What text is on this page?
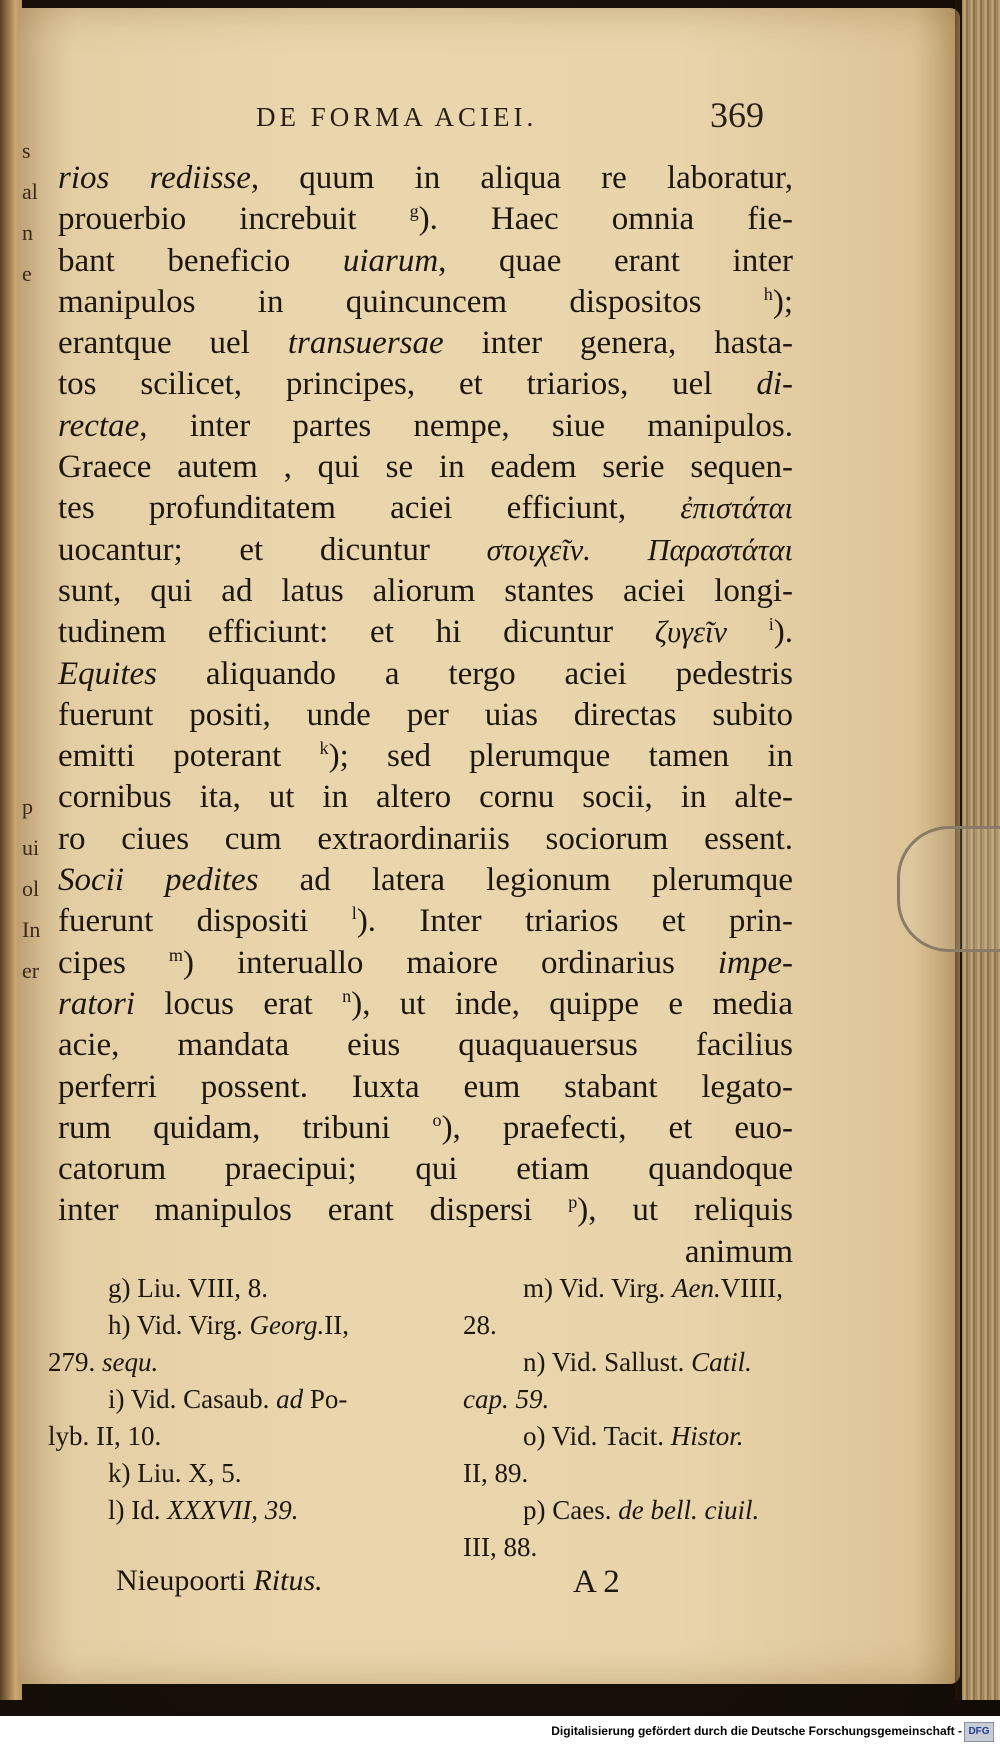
DE FORMA ACIEI.	369
rios rediisse, quum in aliqua re laboratur,
prouerbio increbuit $^g$). Haec omnia fie-
bant beneficio uiarum, quae erant inter
manipulos in quincuncem dispositos $^h$);
erantque uel transuersae inter genera, hasta-
tos scilicet, principes, et triarios, uel di-
rectae, inter partes nempe, siue manipulos.
Graece autem , qui se in eadem serie sequen-
tes profunditatem aciei efficiunt, ἐπιστάται
uocantur; et dicuntur στοιχεῖν. Παραστάται
sunt, qui ad latus aliorum stantes aciei longi-
tudinem efficiunt: et hi dicuntur ζυγεῖν $^i$).
Equites aliquando a tergo aciei pedestris
fuerunt positi, unde per uias directas subito
emitti poterant $^k$); sed plerumque tamen in
cornibus ita, ut in altero cornu socii, in alte-
ro ciues cum extraordinariis sociorum essent.
Socii pedites ad latera legionum plerumque
fuerunt dispositi $^l$). Inter triarios et prin-
cipes $^m$) interuallo maiore ordinarius impe-
ratori locus erat $^n$), ut inde, quippe e media
acie, mandata eius quaquauersus facilius
perferri possent. Iuxta eum stabant legato-
rum quidam, tribuni $^o$), praefecti, et euo-
catorum praecipui; qui etiam quandoque
inter manipulos erant dispersi $^p$), ut reliquis
animum
g) Liu. VIII, 8.
h) Vid. Virg. Georg.II,
279. sequ.
i) Vid. Casaub. ad Po-
lyb. II, 10.
k) Liu. X, 5.
l) Id. XXXVII, 39.
m) Vid. Virg. Aen.VIIII,
28.
n) Vid. Sallust. Catil.
cap. 59.
o) Vid. Tacit. Histor.
II, 89.
p) Caes. de bell. ciuil.
III, 88.
Nieupoorti Ritus.	A 2
s
al
n
e

p
ui
ol
In
er
Digitalisierung gefördert durch die Deutsche Forschungsgemeinschaft - DFG
